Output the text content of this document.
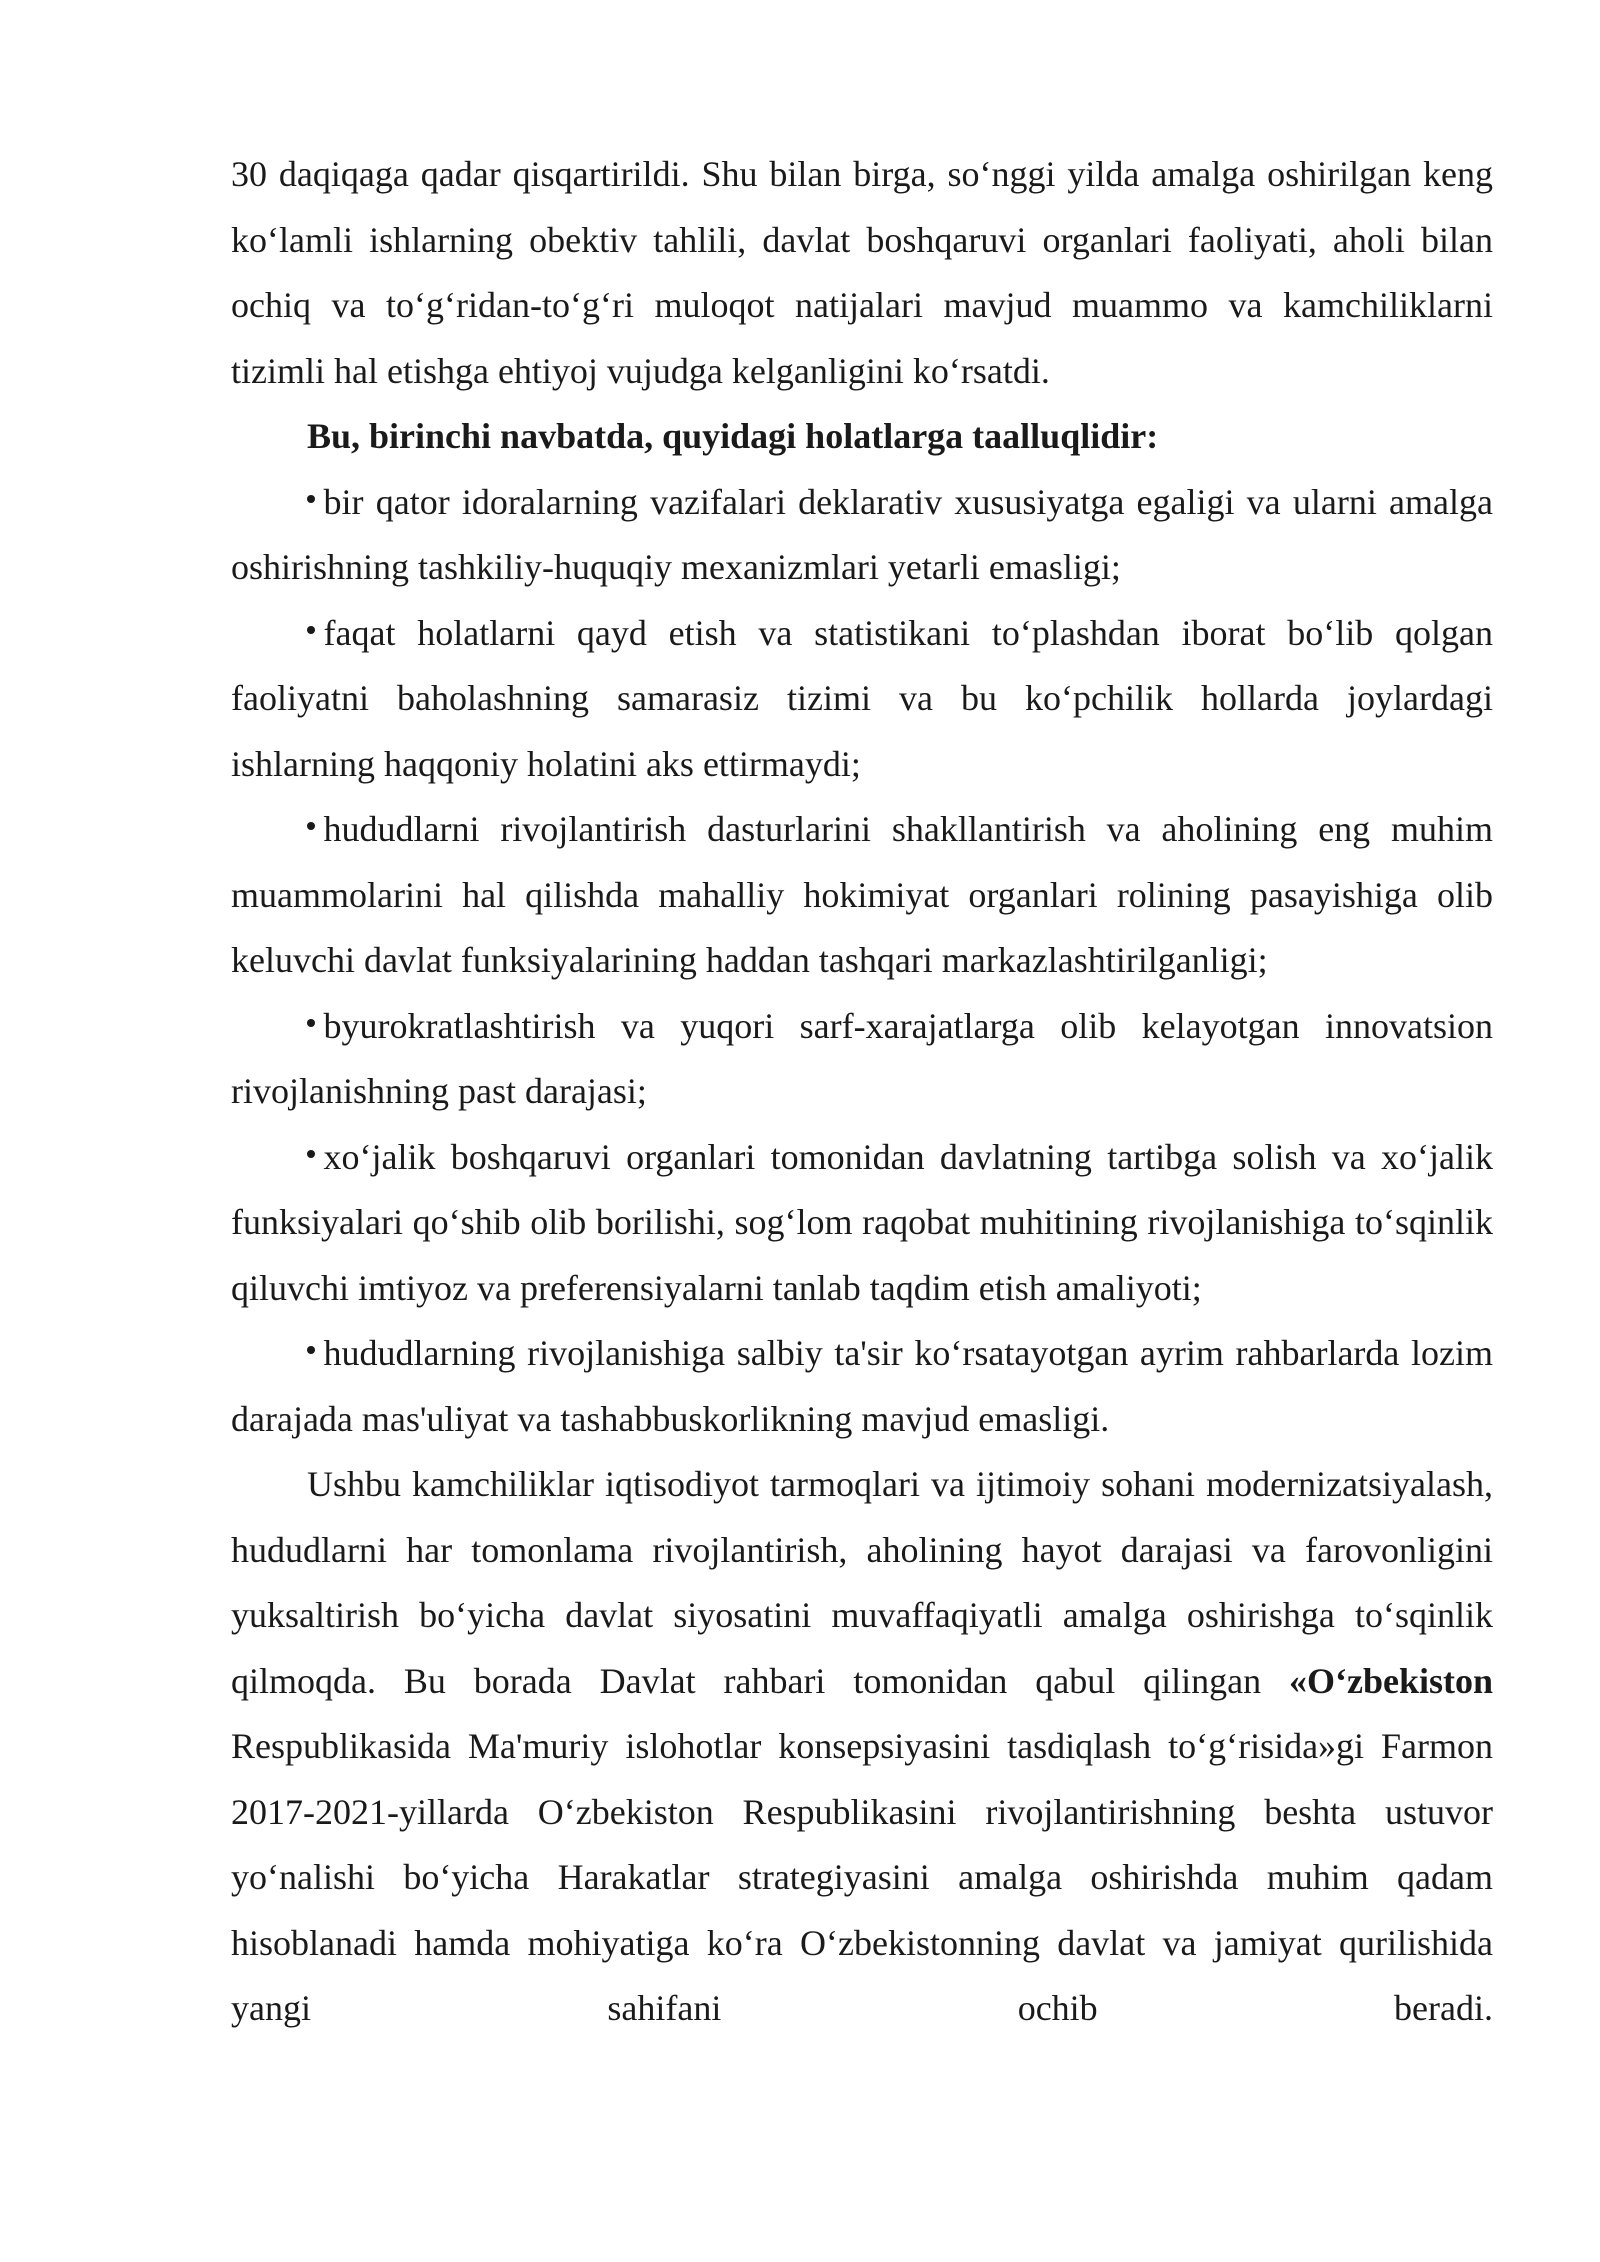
30 daqiqaga qadar qisqartirildi. Shu bilan birga, so‘nggi yilda amalga oshirilgan keng ko‘lamli ishlarning obektiv tahlili, davlat boshqaruvi organlari faoliyati, aholi bilan ochiq va to‘g‘ridan-to‘g‘ri muloqot natijalari mavjud muammo va kamchiliklarni tizimli hal etishga ehtiyoj vujudga kelganligini ko‘rsatdi.

Bu, birinchi navbatda, quyidagi holatlarga taalluqlidir:

bir qator idoralarning vazifalari deklarativ xususiyatga egaligi va ularni amalga oshirishning tashkiliy-huquqiy mexanizmlari yetarli emasligi;

faqat holatlarni qayd etish va statistikani to‘plashdan iborat bo‘lib qolgan faoliyatni baholashning samarasiz tizimi va bu ko‘pchilik hollarda joylardagi ishlarning haqqoniy holatini aks ettirmaydi;

hududlarni rivojlantirish dasturlarini shakllantirish va aholining eng muhim muammolarini hal qilishda mahalliy hokimiyat organlari rolining pasayishiga olib keluvchi davlat funksiyalarining haddan tashqari markazlashtirilganligi;

byurokratlashtirish va yuqori sarf-xarajatlarga olib kelayotgan innovatsion rivojlanishning past darajasi;

xo‘jalik boshqaruvi organlari tomonidan davlatning tartibga solish va xo‘jalik funksiyalari qo‘shib olib borilishi, sog‘lom raqobat muhitining rivojlanishiga to‘sqinlik qiluvchi imtiyoz va preferensiyalarni tanlab taqdim etish amaliyoti;

hududlarning rivojlanishiga salbiy ta'sir ko‘rsatayotgan ayrim rahbarlarda lozim darajada mas'uliyat va tashabbuskorlikning mavjud emasligi.

Ushbu kamchiliklar iqtisodiyot tarmoqlari va ijtimoiy sohani modernizatsiyalash, hududlarni har tomonlama rivojlantirish, aholining hayot darajasi va farovonligini yuksaltirish bo‘yicha davlat siyosatini muvaffaqiyatli amalga oshirishga to‘sqinlik qilmoqda. Bu borada Davlat rahbari tomonidan qabul qilingan «O‘zbekiston Respublikasida Ma'muriy islohotlar konsepsiyasini tasdiqlash to‘g‘risida»gi Farmon 2017-2021-yillarda O‘zbekiston Respublikasini rivojlantirishning beshta ustuvor yo‘nalishi bo‘yicha Harakatlar strategiyasini amalga oshirishda muhim qadam hisoblanadi hamda mohiyatiga ko‘ra O‘zbekistonning davlat va jamiyat qurilishida yangi sahifani ochib beradi.
